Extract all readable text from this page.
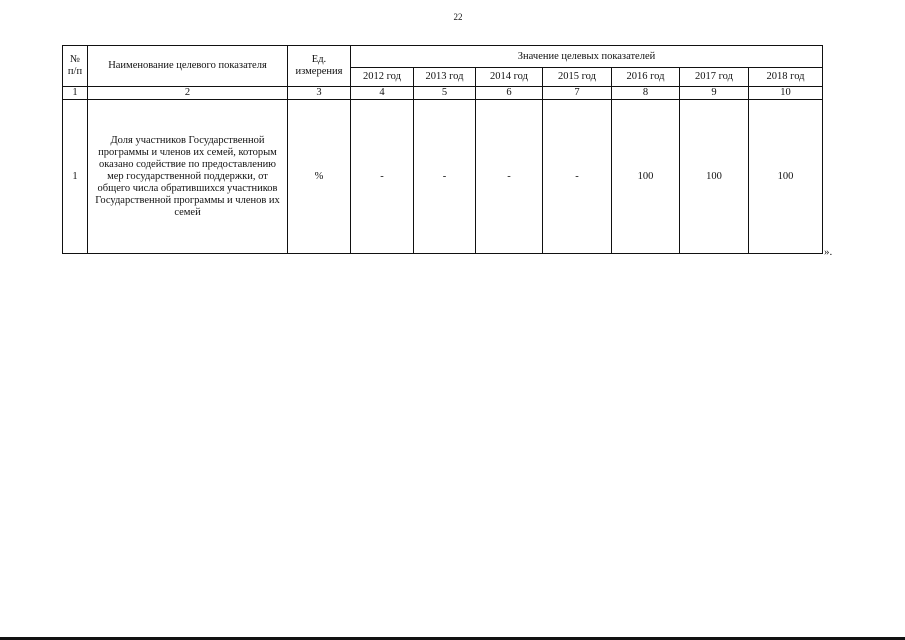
22
№ п/п	Наименование целевого показателя	Ед. измерения	Значение целевых показателей						
			2012 год	2013 год	2014 год	2015 год	2016 год	2017 год	2018 год
1	2	3	4	5	6	7	8	9	10
1	Доля участников Государственной программы и членов их семей, которым оказано содействие по предоставлению мер государственной поддержки, от общего числа обратившихся участников Государственной программы и членов их семей	%	-	-	-	-	100	100	100
».
